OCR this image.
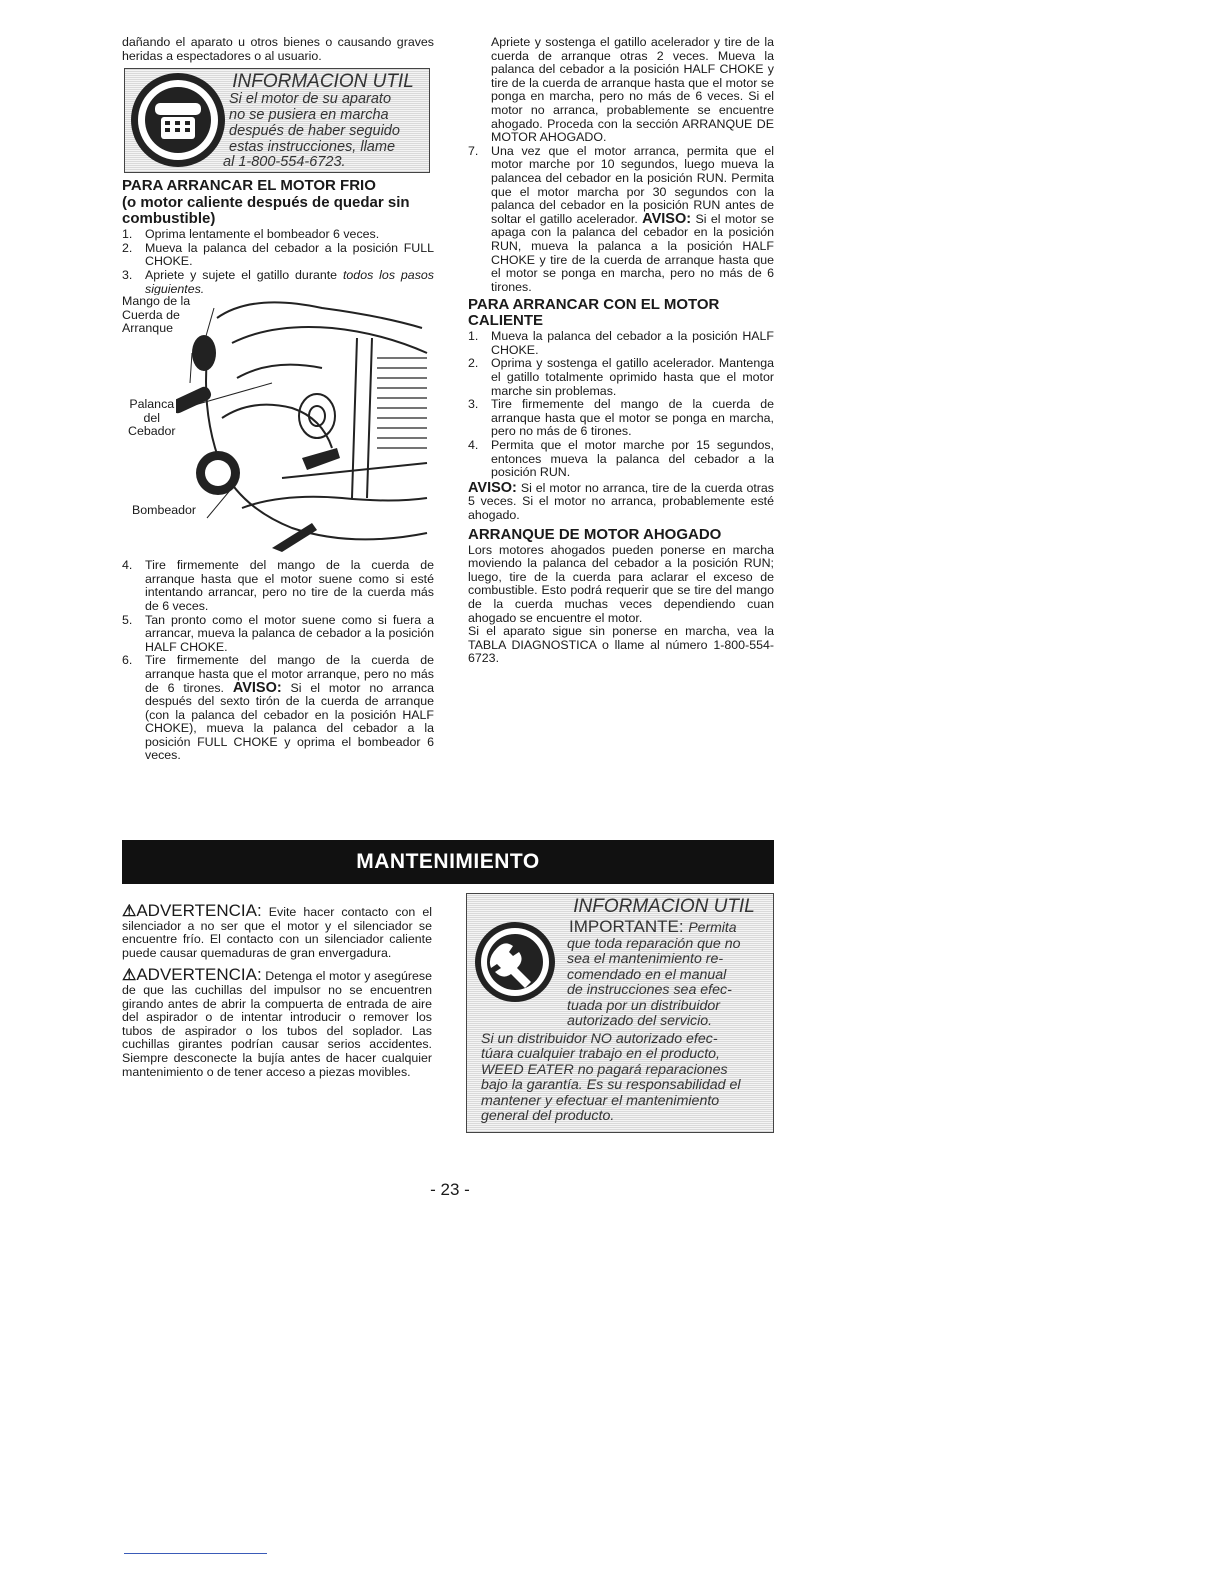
dañando el aparato u otros bienes o causando graves heridas a espectadores o al usuario.

INFORMACION UTIL
Si el motor de su aparato
no se pusiera en marcha
después de haber seguido
estas instrucciones, llame
al 1-800-554-6723.
PARA ARRANCAR EL MOTOR FRIO
(o motor caliente después de quedar sin combustible)
1. Oprima lentamente el bombeador 6 veces.
2. Mueva la palanca del cebador a la posición FULL CHOKE.
3. Apriete y sujete el gatillo durante todos los pasos siguientes.
Mango de la
Cuerda de
Arranque
Palanca
del
Cebador
Bombeador
4. Tire firmemente del mango de la cuerda de arranque hasta que el motor suene como si esté intentando arrancar, pero no tire de la cuerda más de 6 veces.
5. Tan pronto como el motor suene como si fuera a arrancar, mueva la palanca de cebador a la posición HALF CHOKE.
6. Tire firmemente del mango de la cuerda de arranque hasta que el motor arranque, pero no más de 6 tirones. AVISO: Si el motor no arranca después del sexto tirón de la cuerda de arranque (con la palanca del cebador en la posición HALF CHOKE), mueva la palanca del cebador a la posición FULL CHOKE y oprima el bombeador 6 veces.

Apriete y sostenga el gatillo acelerador y tire de la cuerda de arranque otras 2 veces. Mueva la palanca del cebador a la posición HALF CHOKE y tire de la cuerda de arranque hasta que el motor se ponga en marcha, pero no más de 6 veces. Si el motor no arranca, probablemente se encuentre ahogado. Proceda con la sección ARRANQUE DE MOTOR AHOGADO.

7. Una vez que el motor arranca, permita que el motor marche por 10 segundos, luego mueva la palancea del cebador en la posición RUN. Permita que el motor marcha por 30 segundos con la palanca del cebador en la posición RUN antes de soltar el gatillo acelerador. AVISO: Si el motor se apaga con la palanca del cebador en la posición RUN, mueva la palanca a la posición HALF CHOKE y tire de la cuerda de arranque hasta que el motor se ponga en marcha, pero no más de 6 tirones.
PARA ARRANCAR CON EL MOTOR CALIENTE
1. Mueva la palanca del cebador a la posición HALF CHOKE.
2. Oprima y sostenga el gatillo acelerador. Mantenga el gatillo totalmente oprimido hasta que el motor marche sin problemas.
3. Tire firmemente del mango de la cuerda de arranque hasta que el motor se ponga en marcha, pero no más de 6 tirones.
4. Permita que el motor marche por 15 segundos, entonces mueva la palanca del cebador a la posición RUN.

AVISO: Si el motor no arranca, tire de la cuerda otras 5 veces. Si el motor no arranca, probablemente esté ahogado.

ARRANQUE DE MOTOR AHOGADO

Lors motores ahogados pueden ponerse en marcha moviendo la palanca del cebador a la posición RUN; luego, tire de la cuerda para aclarar el exceso de combustible. Esto podrá requerir que se tire del mango de la cuerda muchas veces dependiendo cuan ahogado se encuentre el motor.

Si el aparato sigue sin ponerse en marcha, vea la TABLA DIAGNOSTICA o llame al número 1-800-554-6723.

MANTENIMIENTO

⚠ADVERTENCIA: Evite hacer contacto con el silenciador a no ser que el motor y el silenciador se encuentre frío. El contacto con un silenciador caliente puede causar quemaduras de gran envergadura.

⚠ADVERTENCIA: Detenga el motor y asegúrese de que las cuchillas del impulsor no se encuentren girando antes de abrir la compuerta de entrada de aire del aspirador o de intentar introducir o remover los tubos de aspirador o los tubos del soplador. Las cuchillas girantes podrían causar serios accidentes. Siempre desconecte la bujía antes de hacer cualquier mantenimiento o de tener acceso a piezas movibles.

INFORMACION UTIL
IMPORTANTE: Permita
que toda reparación que no
sea el mantenimiento re-
comendado en el manual
de instrucciones sea efec-
tuada por un distribuidor
autorizado del servicio.
Si un distribuidor NO autorizado efec-
túara cualquier trabajo en el producto,
WEED EATER no pagará reparaciones
bajo la garantía. Es su responsabilidad el
mantener y efectuar el mantenimiento
general del producto.
- 23 -
